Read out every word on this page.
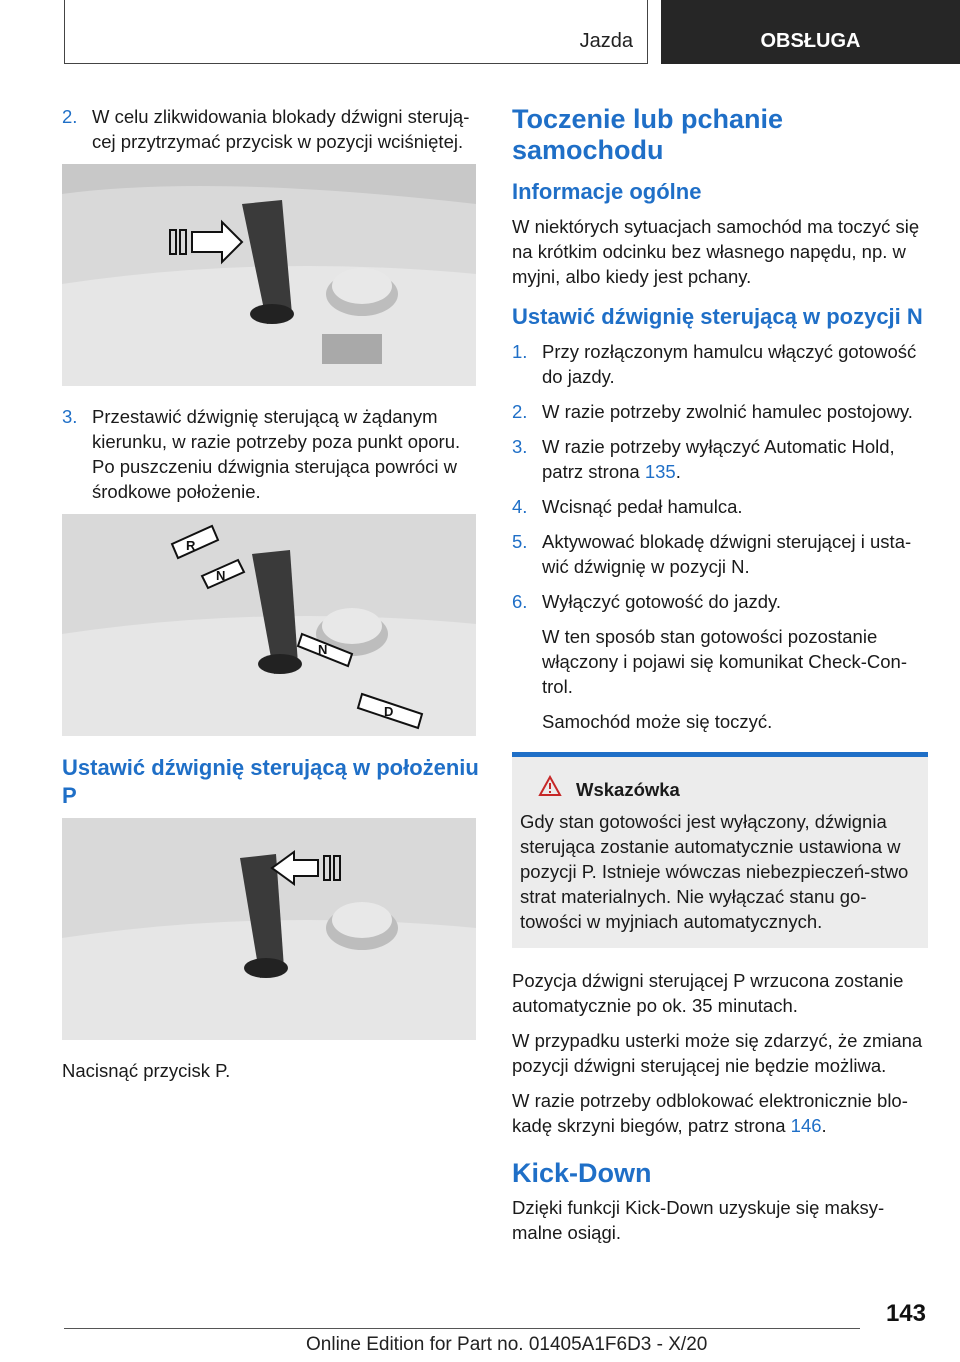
Jazda	OBSŁUGA
2. W celu zlikwidowania blokady dźwigni sterują‐cej przytrzymać przycisk w pozycji wciśniętej.
3. Przestawić dźwignię sterującą w żądanym kierunku, w razie potrzeby poza punkt oporu. Po puszczeniu dźwignia sterująca powróci w środkowe położenie.
R
N
N
D
Ustawić dźwignię sterującą w położeniu P

Nacisnąć przycisk P.

Toczenie lub pchanie samochodu
Informacje ogólne

W niektórych sytuacjach samochód ma toczyć się na krótkim odcinku bez własnego napędu, np. w myjni, albo kiedy jest pchany.

Ustawić dźwignię sterującą w pozycji N
1. Przy rozłączonym hamulcu włączyć gotowość do jazdy.
2. W razie potrzeby zwolnić hamulec postojowy.
3. W razie potrzeby wyłączyć Automatic Hold, patrz strona 135.
4. Wcisnąć pedał hamulca.
5. Aktywować blokadę dźwigni sterującej i usta‐wić dźwignię w pozycji N.
6. Wyłączyć gotowość do jazdy.

W ten sposób stan gotowości pozostanie włączony i pojawi się komunikat Check-Con‐trol.

Samochód może się toczyć.

Wskazówka
Gdy stan gotowości jest wyłączony, dźwignia sterująca zostanie automatycznie ustawiona w pozycji P. Istnieje wówczas niebezpieczeń‐stwo strat materialnych. Nie wyłączać stanu go‐towości w myjniach automatycznych.

Pozycja dźwigni sterującej P wrzucona zostanie automatycznie po ok. 35 minutach.

W przypadku usterki może się zdarzyć, że zmiana pozycji dźwigni sterującej nie będzie możliwa.

W razie potrzeby odblokować elektronicznie blo‐kadę skrzyni biegów, patrz strona 146.

Kick-Down

Dzięki funkcji Kick-Down uzyskuje się maksy‐malne osiągi.

143
Online Edition for Part no. 01405A1F6D3 - X/20
